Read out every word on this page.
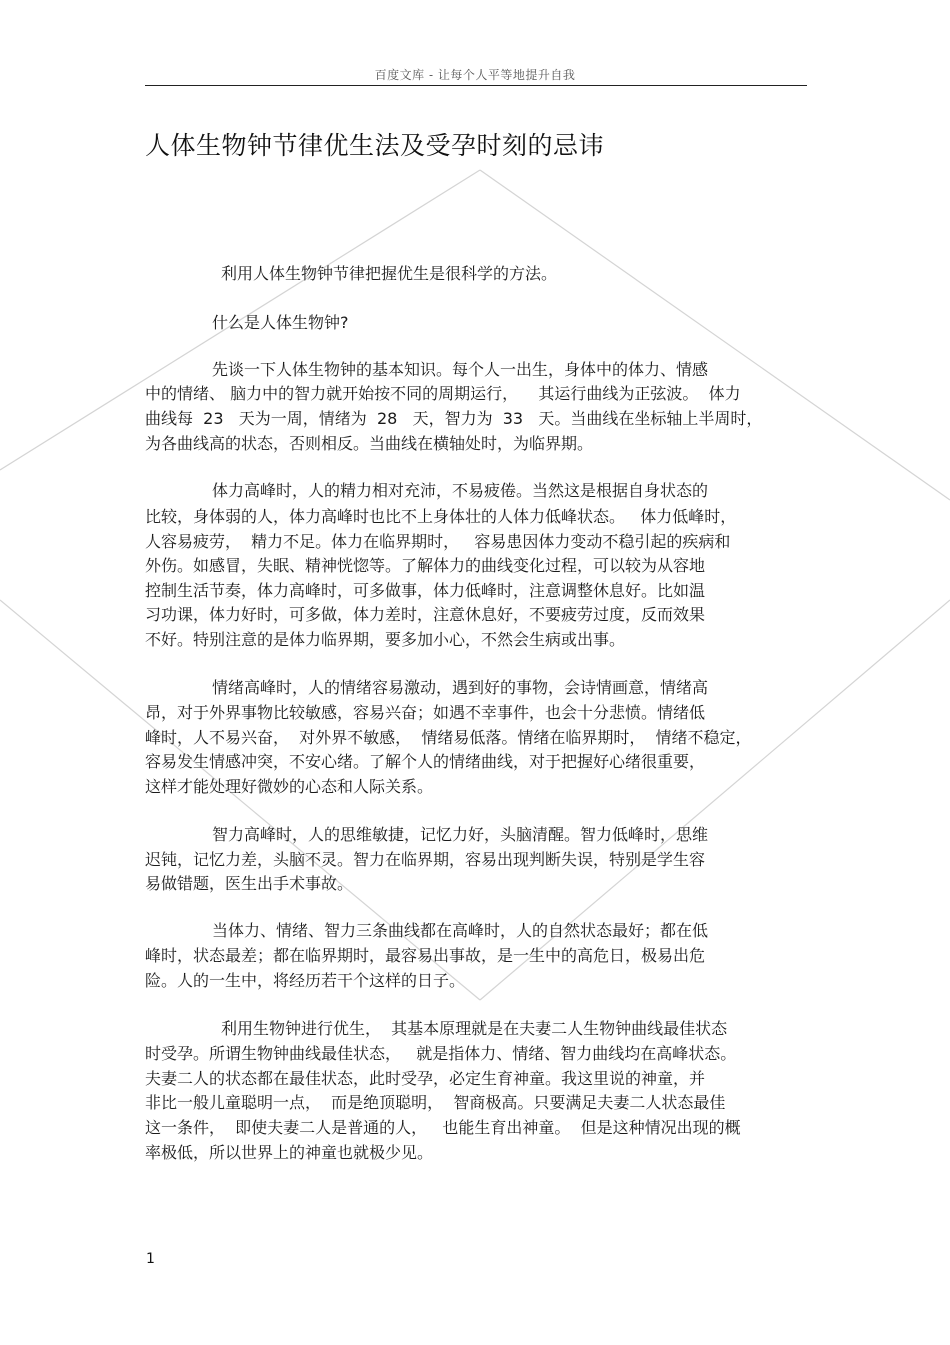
百度文库 - 让每个人平等地提升自我
人体生物钟节律优生法及受孕时刻的忌讳
利用人体生物钟节律把握优生是很科学的方法。
什么是人体生物钟?
先谈一下人体生物钟的基本知识。每个人一出生，身体中的体力、情感
中的情绪、 脑力中的智力就开始按不同的周期运行，    其运行曲线为正弦波。  体力
曲线每  23   天为一周，情绪为  28   天，智力为  33   天。当曲线在坐标轴上半周时，
为各曲线高的状态，否则相反。当曲线在横轴处时，为临界期。
体力高峰时，人的精力相对充沛，不易疲倦。当然这是根据自身状态的
比较，身体弱的人，体力高峰时也比不上身体壮的人体力低峰状态。   体力低峰时，
人容易疲劳，  精力不足。体力在临界期时，   容易患因体力变动不稳引起的疾病和
外伤。如感冒，失眠、精神恍惚等。了解体力的曲线变化过程，可以较为从容地
控制生活节奏，体力高峰时，可多做事，体力低峰时，注意调整休息好。比如温
习功课，体力好时，可多做，体力差时，注意休息好，不要疲劳过度，反而效果
不好。特别注意的是体力临界期，要多加小心，不然会生病或出事。
情绪高峰时，人的情绪容易激动，遇到好的事物，会诗情画意，情绪高
昂，对于外界事物比较敏感，容易兴奋；如遇不幸事件，也会十分悲愤。情绪低
峰时，人不易兴奋，  对外界不敏感，  情绪易低落。情绪在临界期时，  情绪不稳定，
容易发生情感冲突，不安心绪。了解个人的情绪曲线，对于把握好心绪很重要，
这样才能处理好微妙的心态和人际关系。
智力高峰时，人的思维敏捷，记忆力好，头脑清醒。智力低峰时，思维
迟钝，记忆力差，头脑不灵。智力在临界期，容易出现判断失误，特别是学生容
易做错题，医生出手术事故。
当体力、情绪、智力三条曲线都在高峰时，人的自然状态最好；都在低
峰时，状态最差；都在临界期时，最容易出事故，是一生中的高危日，极易出危
险。人的一生中，将经历若干个这样的日子。
利用生物钟进行优生，  其基本原理就是在夫妻二人生物钟曲线最佳状态
时受孕。所谓生物钟曲线最佳状态，   就是指体力、情绪、智力曲线均在高峰状态。
夫妻二人的状态都在最佳状态，此时受孕，必定生育神童。我这里说的神童，并
非比一般儿童聪明一点，  而是绝顶聪明，  智商极高。只要满足夫妻二人状态最佳
这一条件，  即使夫妻二人是普通的人，   也能生育出神童。  但是这种情况出现的概
率极低，所以世界上的神童也就极少见。
1
